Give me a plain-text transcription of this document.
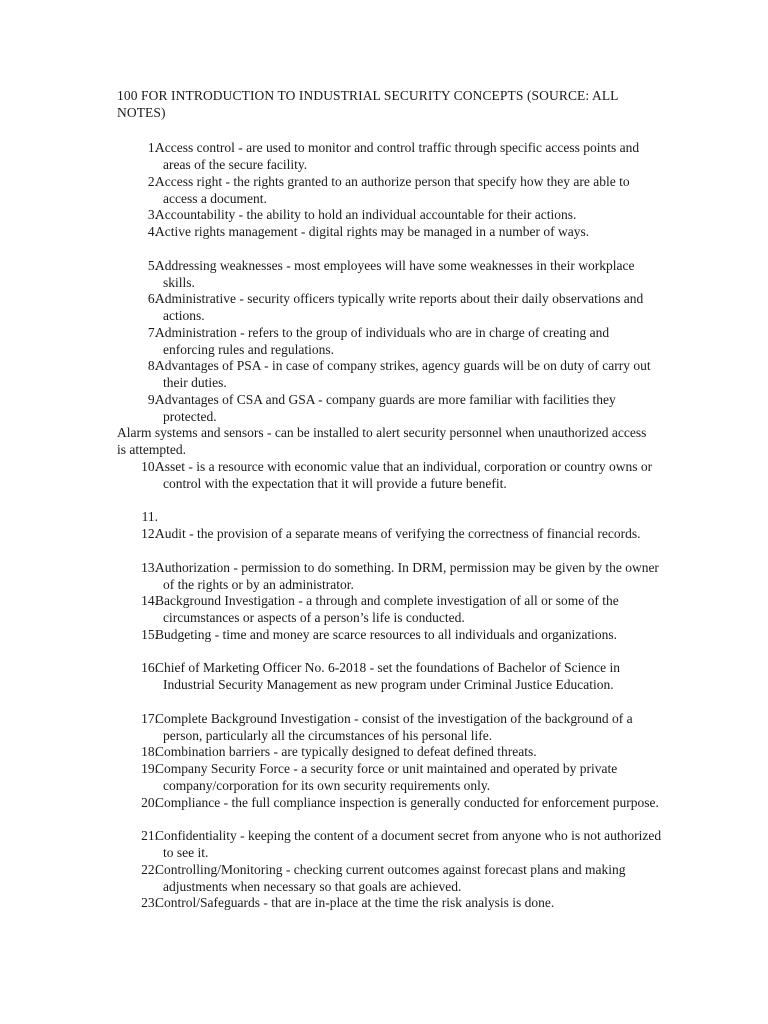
100 FOR INTRODUCTION TO INDUSTRIAL SECURITY CONCEPTS (SOURCE: ALL NOTES)
1.
Access control - are used to monitor and control traffic through specific access points and areas of the secure facility.
2.
Access right - the rights granted to an authorize person that specify how they are able to access a document.
3.
Accountability - the ability to hold an individual accountable for their actions.
4.
Active rights management - digital rights may be managed in a number of ways.
5.
Addressing weaknesses - most employees will have some weaknesses in their workplace skills.
6.
Administrative - security officers typically write reports about their daily observations and actions.
7.
Administration - refers to the group of individuals who are in charge of creating and enforcing rules and regulations.
8.
Advantages of PSA - in case of company strikes, agency guards will be on duty of carry out their duties.
9.
Advantages of CSA and GSA - company guards are more familiar with facilities they protected.
Alarm systems and sensors - can be installed to alert security personnel when unauthorized access is attempted.
10.
Asset - is a resource with economic value that an individual, corporation or country owns or control with the expectation that it will provide a future benefit.
11.
12.
Audit - the provision of a separate means of verifying the correctness of financial records.
13.
Authorization - permission to do something. In DRM, permission may be given by the owner of the rights or by an administrator.
14.
Background Investigation - a through and complete investigation of all or some of the circumstances or aspects of a person’s life is conducted.
15.
Budgeting - time and money are scarce resources to all individuals and organizations.
16.
Chief of Marketing Officer No. 6-2018 - set the foundations of Bachelor of Science in Industrial Security Management as new program under Criminal Justice Education.
17.
Complete Background Investigation - consist of the investigation of the background of a person, particularly all the circumstances of his personal life.
18.
Combination barriers - are typically designed to defeat defined threats.
19.
Company Security Force - a security force or unit maintained and operated by private company/corporation for its own security requirements only.
20.
Compliance - the full compliance inspection is generally conducted for enforcement purpose.
21.
Confidentiality - keeping the content of a document secret from anyone who is not authorized to see it.
22.
Controlling/Monitoring - checking current outcomes against forecast plans and making adjustments when necessary so that goals are achieved.
23.
Control/Safeguards - that are in-place at the time the risk analysis is done.
